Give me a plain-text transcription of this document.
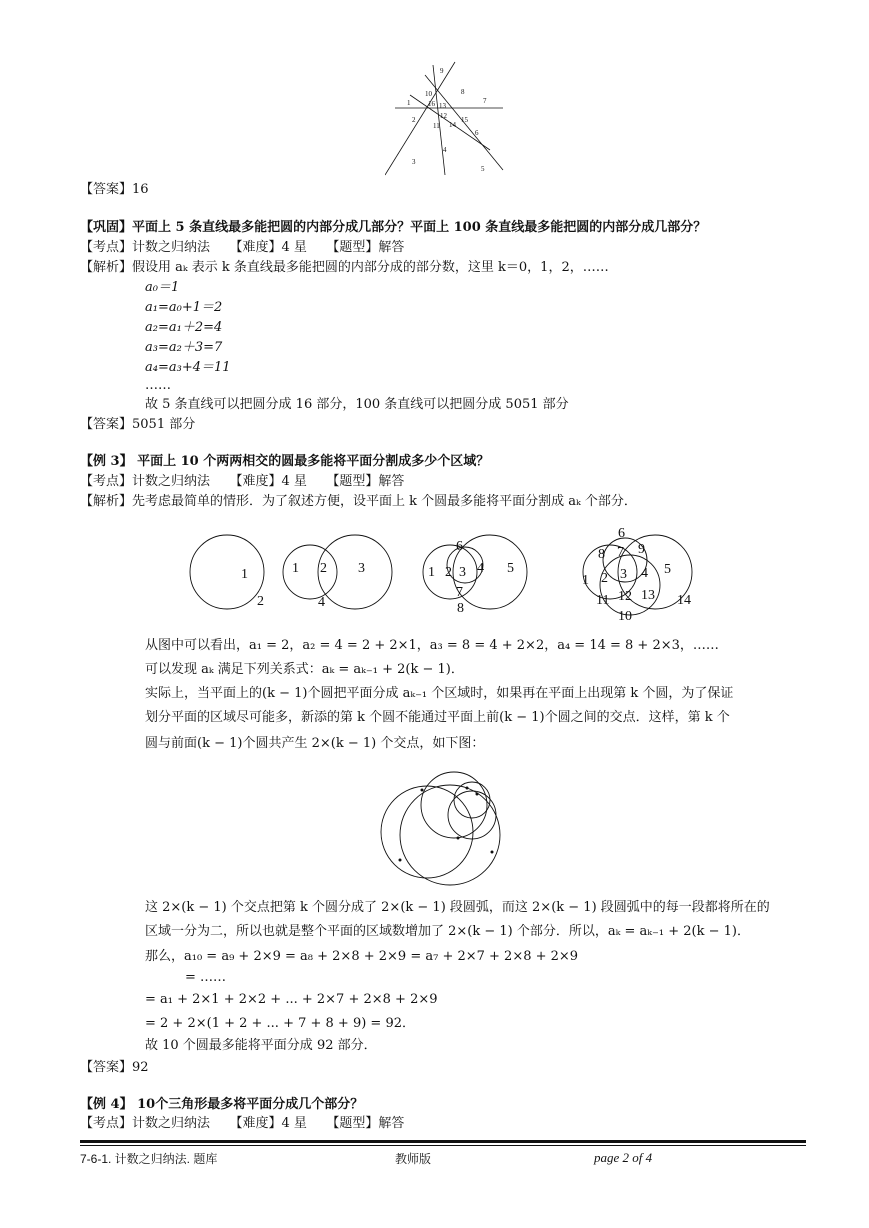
1
2
3
4
5
6
7
8
9
10
11
12
13
14
15
16
【答案】16
【巩固】平面上 5 条直线最多能把圆的内部分成几部分？平面上 100 条直线最多能把圆的内部分成几部分？
【考点】计数之归纳法　　【难度】4 星　　【题型】解答
【解析】假设用 aₖ 表示 k 条直线最多能把圆的内部分成的部分数，这里 k＝0，1，2，……
a₀＝1
a₁=a₀+1＝2
a₂=a₁＋2=4
a₃=a₂＋3=7
a₄=a₃+4＝11
……
故 5 条直线可以把圆分成 16 部分，100 条直线可以把圆分成 5051 部分
【答案】5051 部分
【例 3】 平面上 10 个两两相交的圆最多能将平面分割成多少个区域？
【考点】计数之归纳法　　【难度】4 星　　【题型】解答
【解析】先考虑最简单的情形．为了叙述方便，设平面上 k 个圆最多能将平面分割成 aₖ 个部分．
1
2
1 2 3
4
1 2 3 4 5
6
7
8
1 2 3 4 5
6
7
8 9
10
11 12 13 14
从图中可以看出，a₁ = 2，a₂ = 4 = 2 + 2×1，a₃ = 8 = 4 + 2×2，a₄ = 14 = 8 + 2×3，……
可以发现 aₖ 满足下列关系式：aₖ = aₖ₋₁ + 2(k − 1)．
实际上，当平面上的(k − 1)个圆把平面分成 aₖ₋₁ 个区域时，如果再在平面上出现第 k 个圆，为了保证
划分平面的区域尽可能多，新添的第 k 个圆不能通过平面上前(k − 1)个圆之间的交点．这样，第 k 个
圆与前面(k − 1)个圆共产生 2×(k − 1) 个交点，如下图：
这 2×(k − 1) 个交点把第 k 个圆分成了 2×(k − 1) 段圆弧，而这 2×(k − 1) 段圆弧中的每一段都将所在的
区域一分为二，所以也就是整个平面的区域数增加了 2×(k − 1) 个部分．所以，aₖ = aₖ₋₁ + 2(k − 1)．
那么，a₁₀ = a₉ + 2×9 = a₈ + 2×8 + 2×9 = a₇ + 2×7 + 2×8 + 2×9
= ……
= a₁ + 2×1 + 2×2 + ... + 2×7 + 2×8 + 2×9
= 2 + 2×(1 + 2 + ... + 7 + 8 + 9) = 92．
故 10 个圆最多能将平面分成 92 部分．
【答案】92
【例 4】 10个三角形最多将平面分成几个部分？
【考点】计数之归纳法　　【难度】4 星　　【题型】解答
7-6-1. 计数之归纳法. 题库	教师版	page 2 of 4
